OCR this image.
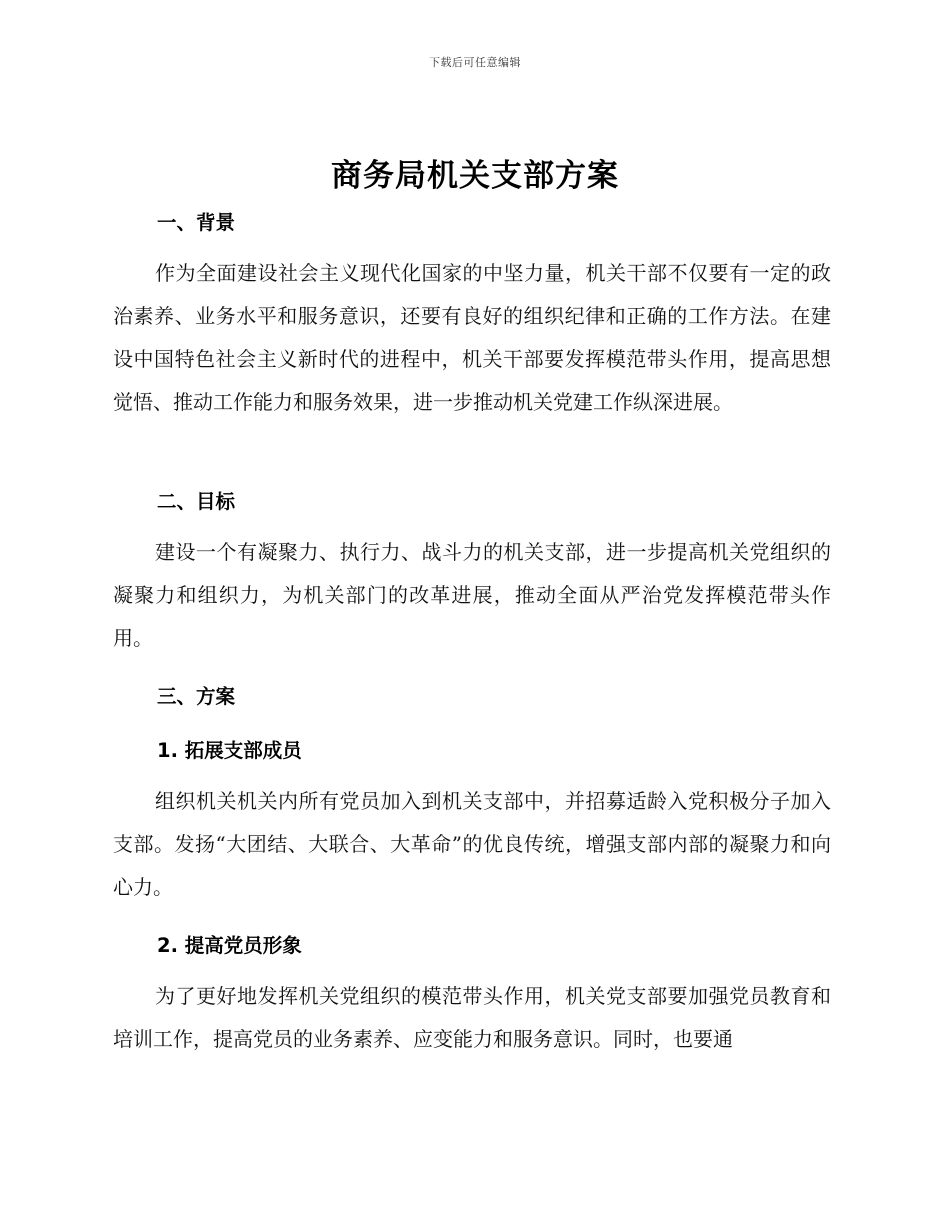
下载后可任意编辑
商务局机关支部方案
一、背景
作为全面建设社会主义现代化国家的中坚力量，机关干部不仅要有一定的政治素养、业务水平和服务意识，还要有良好的组织纪律和正确的工作方法。在建设中国特色社会主义新时代的进程中，机关干部要发挥模范带头作用，提高思想觉悟、推动工作能力和服务效果，进一步推动机关党建工作纵深进展。
二、目标
建设一个有凝聚力、执行力、战斗力的机关支部，进一步提高机关党组织的凝聚力和组织力，为机关部门的改革进展，推动全面从严治党发挥模范带头作用。
三、方案
1. 拓展支部成员
组织机关机关内所有党员加入到机关支部中，并招募适龄入党积极分子加入支部。发扬“大团结、大联合、大革命”的优良传统，增强支部内部的凝聚力和向心力。
2. 提高党员形象
为了更好地发挥机关党组织的模范带头作用，机关党支部要加强党员教育和培训工作，提高党员的业务素养、应变能力和服务意识。同时，也要通
